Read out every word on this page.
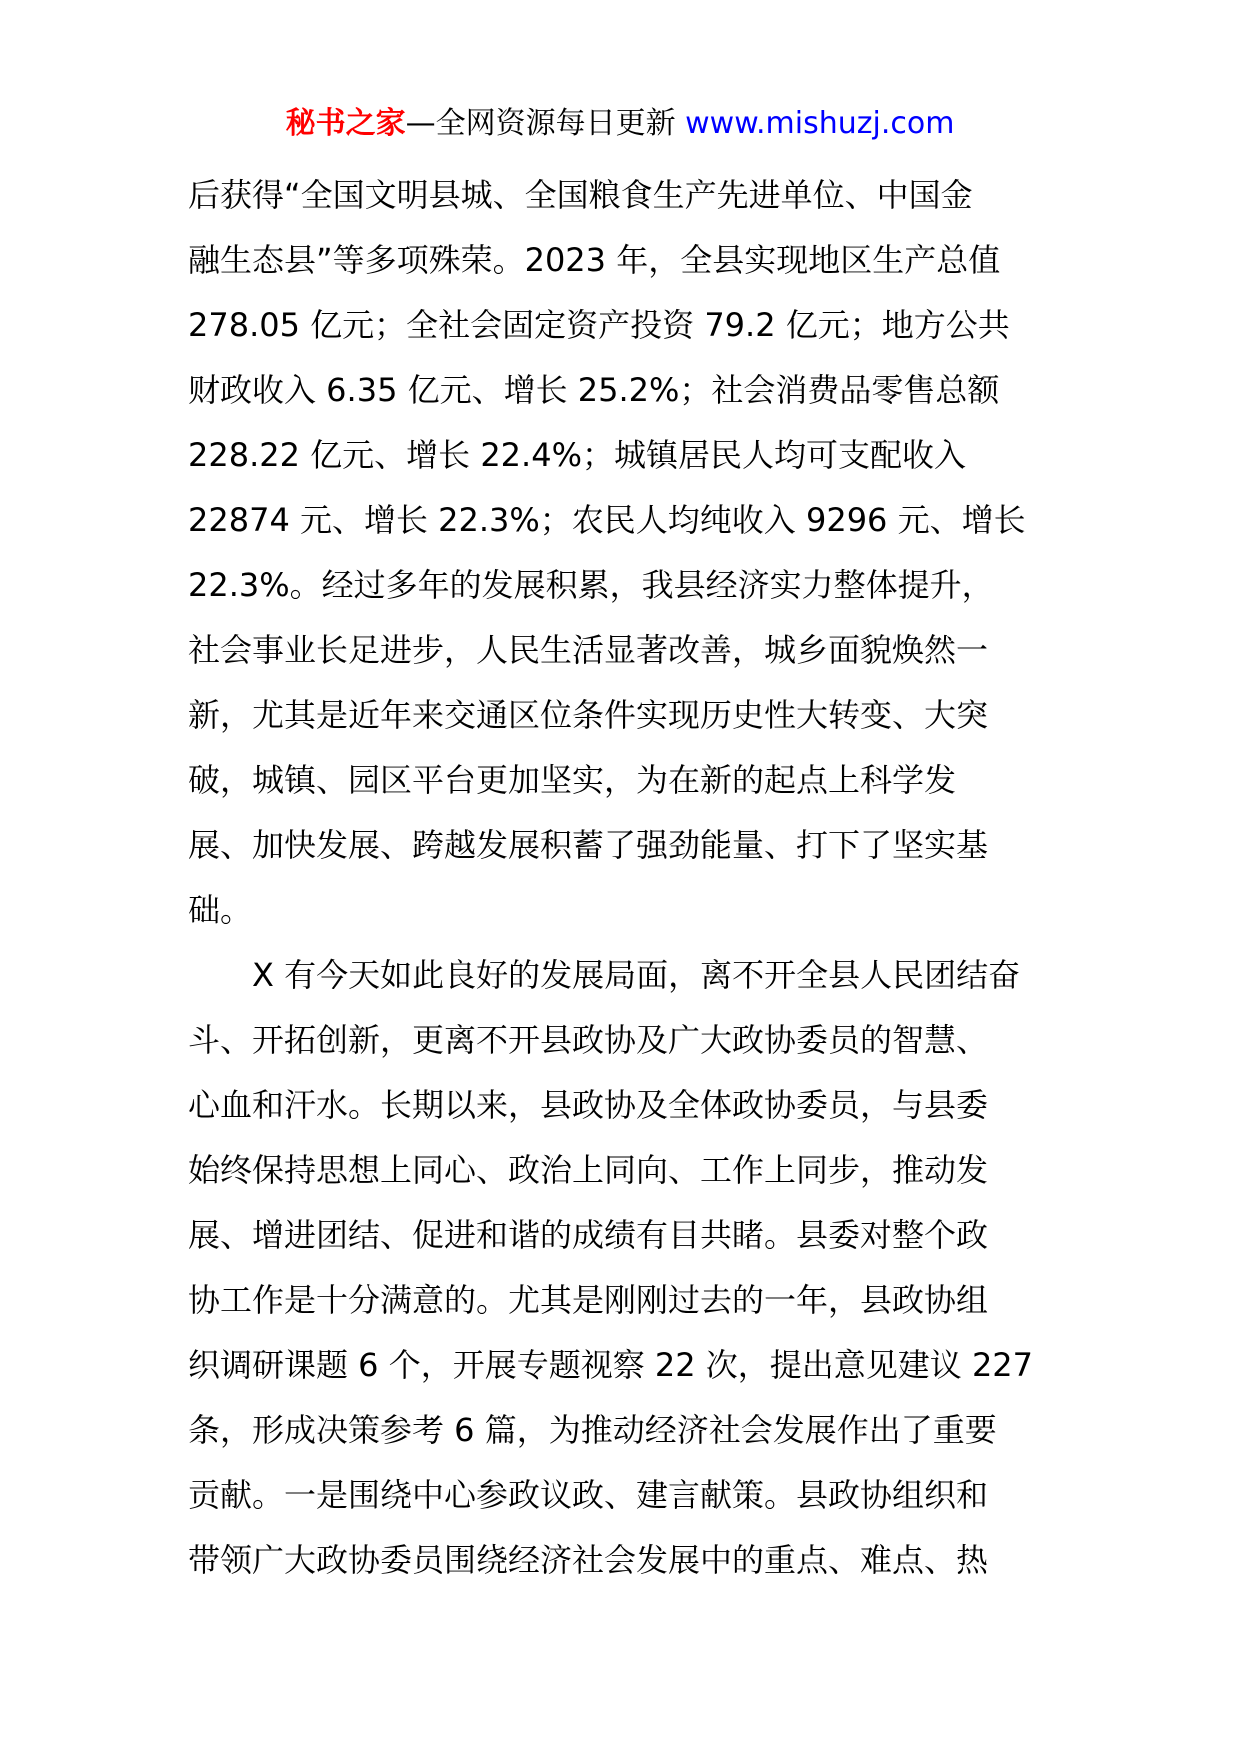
秘书之家—全网资源每日更新 www.mishuzj.com
后获得“全国文明县城、全国粮食生产先进单位、中国金
融生态县”等多项殊荣。2023 年，全县实现地区生产总值
278.05 亿元；全社会固定资产投资 79.2 亿元；地方公共
财政收入 6.35 亿元、增长 25.2%；社会消费品零售总额
228.22 亿元、增长 22.4%；城镇居民人均可支配收入
22874 元、增长 22.3%；农民人均纯收入 9296 元、增长
22.3%。经过多年的发展积累，我县经济实力整体提升，
社会事业长足进步，人民生活显著改善，城乡面貌焕然一
新，尤其是近年来交通区位条件实现历史性大转变、大突
破，城镇、园区平台更加坚实，为在新的起点上科学发
展、加快发展、跨越发展积蓄了强劲能量、打下了坚实基
础。
　　X 有今天如此良好的发展局面，离不开全县人民团结奋
斗、开拓创新，更离不开县政协及广大政协委员的智慧、
心血和汗水。长期以来，县政协及全体政协委员，与县委
始终保持思想上同心、政治上同向、工作上同步，推动发
展、增进团结、促进和谐的成绩有目共睹。县委对整个政
协工作是十分满意的。尤其是刚刚过去的一年，县政协组
织调研课题 6 个，开展专题视察 22 次，提出意见建议 227
条，形成决策参考 6 篇，为推动经济社会发展作出了重要
贡献。一是围绕中心参政议政、建言献策。县政协组织和
带领广大政协委员围绕经济社会发展中的重点、难点、热
